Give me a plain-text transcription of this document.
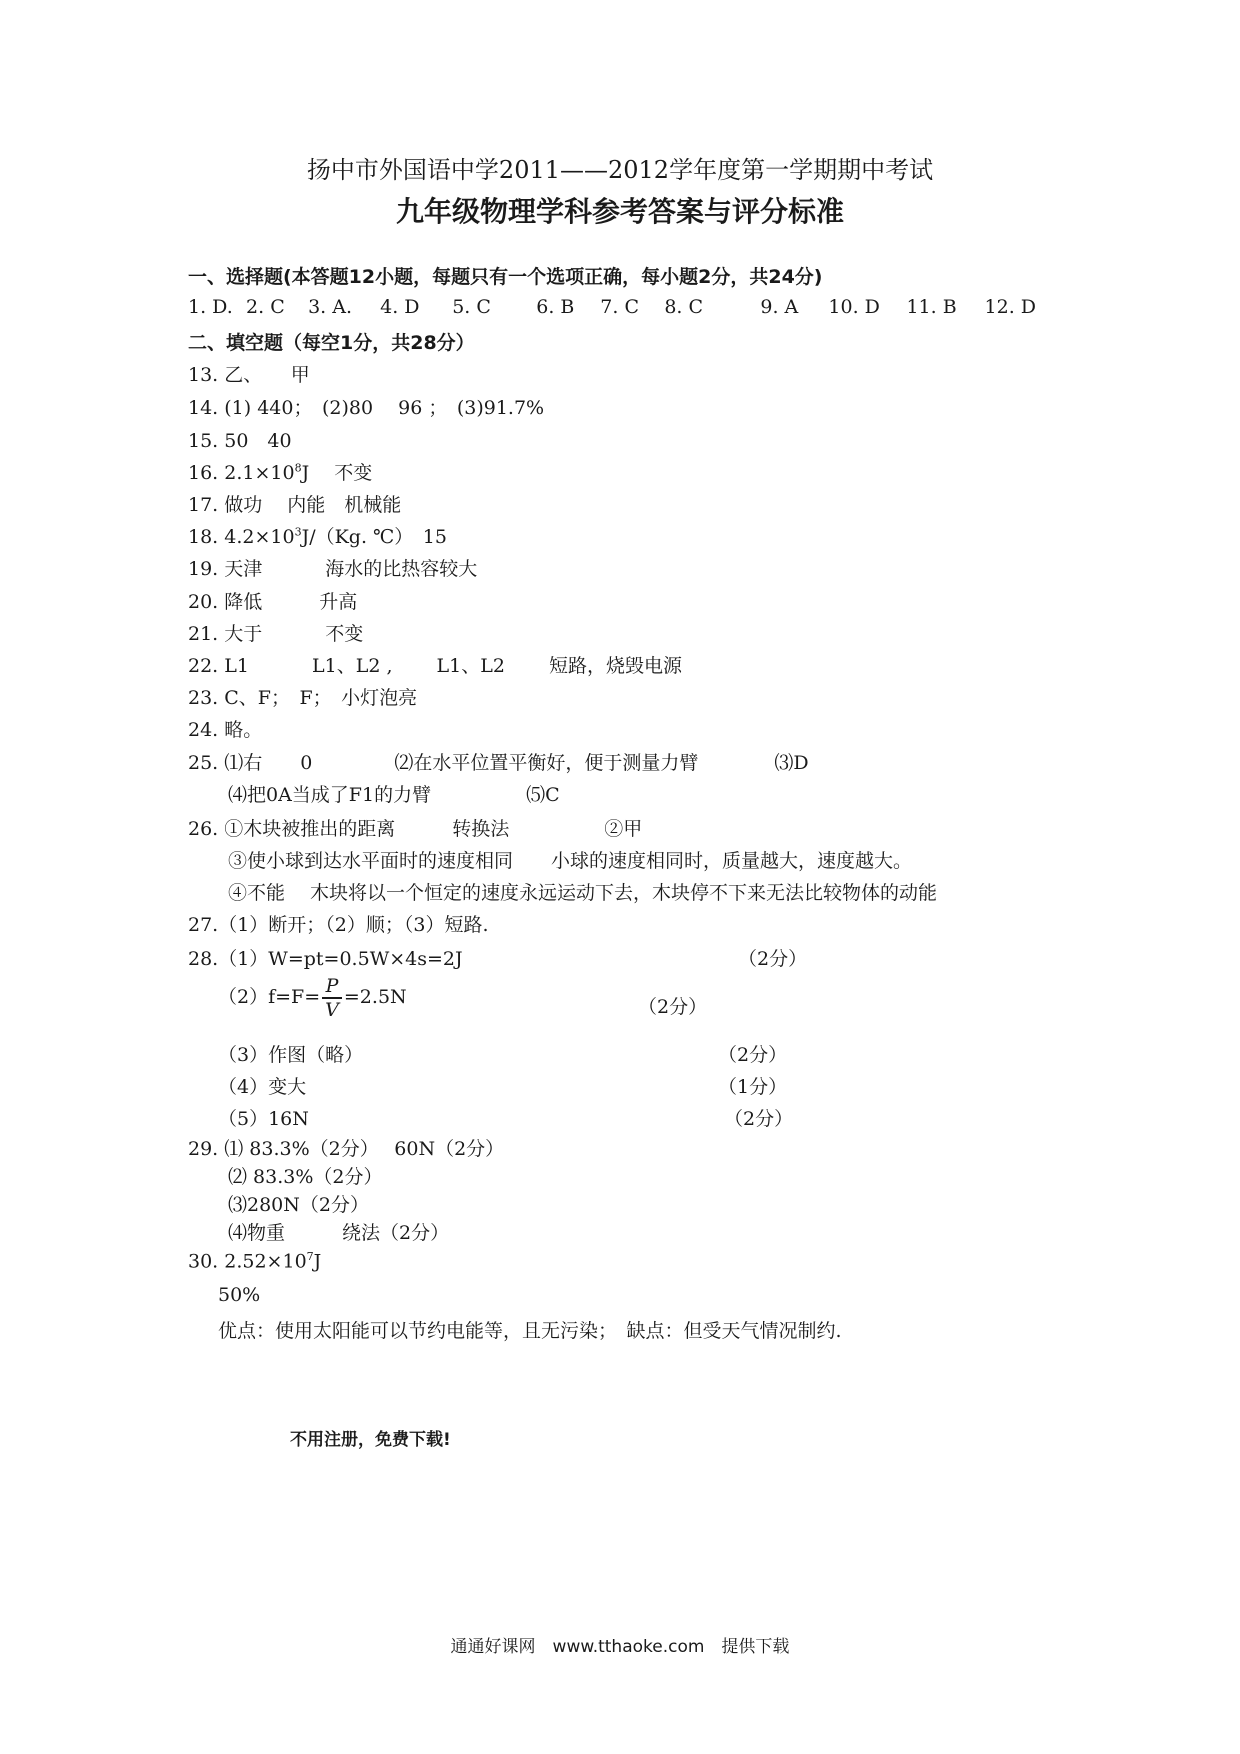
扬中市外国语中学2011——2012学年度第一学期期中考试
九年级物理学科参考答案与评分标准
一、选择题(本答题12小题，每题只有一个选项正确，每小题2分，共24分)
1. D. 2. C 3. A. 4. D 5. C 6. B 7. C 8. C	9. A 10. D 11. B 12. D
二、填空题（每空1分，共28分）
13. 乙、　　甲
14. (1) 440；　(2)80　 96 ；　(3)91.7%
15. 50　40
16. $2.1\times 10^8J$　 不变
17. 做功　 内能　机械能
18. $4.2\times 10^3J/(Kg$. ℃）　15
19. 天津　　　 海水的比热容较大
20. 降低　　　升高
21. 大于　　　 不变
22. L1　　　 L1、L2 ,　　 L1、L2　　 短路，烧毁电源
23. C、F；　F；　小灯泡亮
24. 略。
25. ⑴右　　0　　　　 ⑵在水平位置平衡好，便于测量力臂　　　　⑶D
⑷把0A当成了F1的力臂　　　　　⑸C
26. ①木块被推出的距离　　　转换法　　　　　②甲
③使小球到达水平面时的速度相同　　小球的速度相同时，质量越大，速度越大。
④不能　 木块将以一个恒定的速度永远运动下去，木块停不下来无法比较物体的动能
27.（1）断开；（2）顺；（3）短路.
28.（1）W=pt=0.5W×4s=2J	（2分）
$(2)f=F= \frac{P}{V} =2.5N$	（2分）
（3）作图（略）	（2分）
（4）变大	（1分）
（5）16N	（2分）
29. ⑴ 83.3%（2分）　 60N（2分）
⑵ 83.3%（2分）
⑶280N（2分）
⑷物重　　　绕法（2分）
30. $2.52\times 10^7J$
50%
优点：使用太阳能可以节约电能等，且无污染；　缺点：但受天气情况制约.
不用注册，免费下载!
通通好课网　www.tthaoke.com　提供下载
